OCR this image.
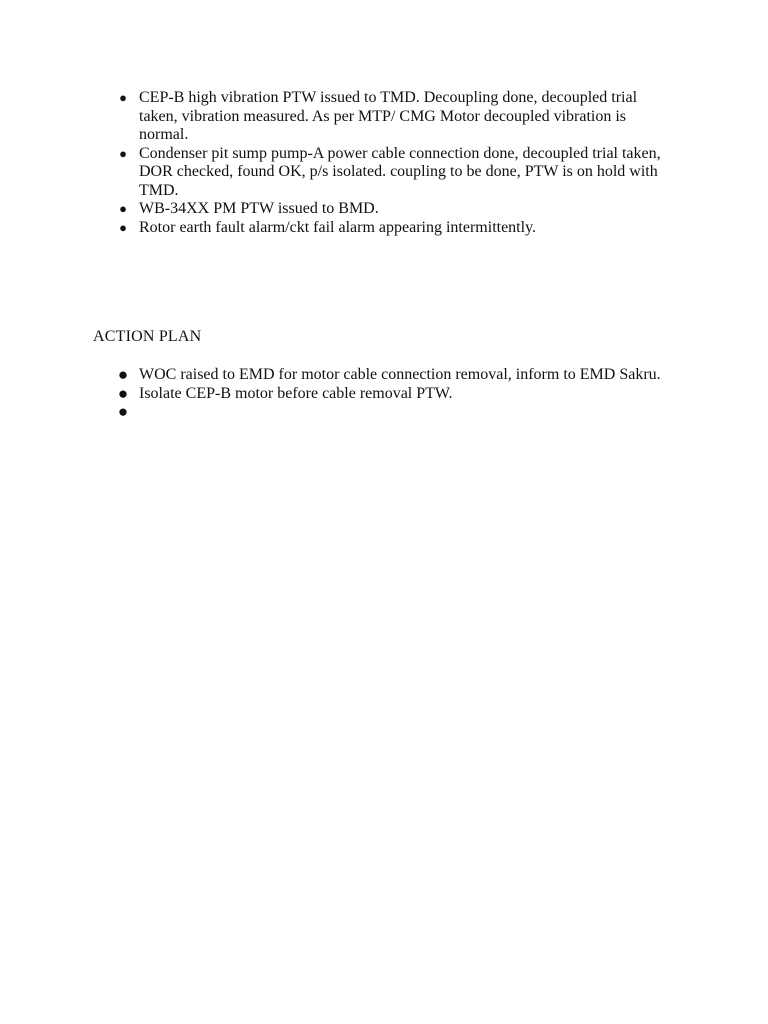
● CEP-B high vibration PTW issued to TMD. Decoupling done, decoupled trial taken, vibration measured. As per MTP/ CMG Motor decoupled vibration is normal.
● Condenser pit sump pump-A power cable connection done, decoupled trial taken, DOR checked, found OK, p/s isolated. coupling to be done, PTW is on hold with TMD.
● WB-34XX PM PTW issued to BMD.
● Rotor earth fault alarm/ckt fail alarm appearing intermittently.
ACTION PLAN
● WOC raised to EMD for motor cable connection removal, inform to EMD Sakru.
● Isolate CEP-B motor before cable removal PTW.
●
